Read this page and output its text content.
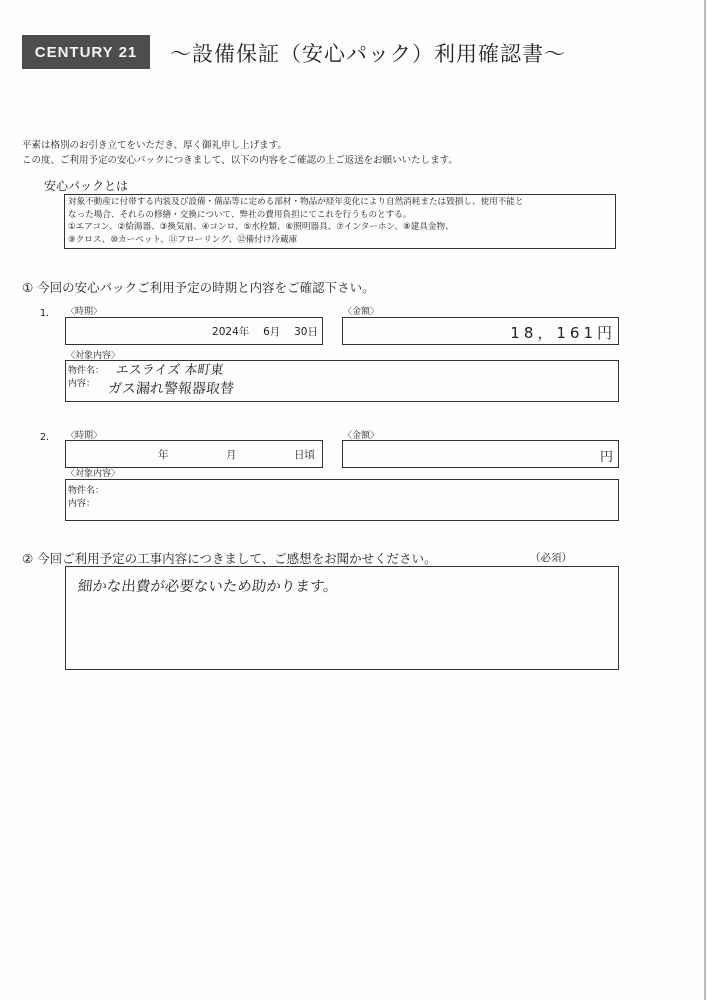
CENTURY 21	～設備保証（安心パック）利用確認書～
平素は格別のお引き立てをいただき、厚く御礼申し上げます。
この度、ご利用予定の安心パックにつきまして、以下の内容をご確認の上ご返送をお願いいたします。
安心パックとは
対象不動産に付帯する内装及び設備・備品等に定める部材・物品が経年変化により自然消耗または毀損し、使用不能と
なった場合、それらの修繕・交換について、弊社の費用負担にてこれを行うものとする。
①エアコン、②給湯器、③換気扇、④コンロ、⑤水栓類、⑥照明器具、⑦インターホン、⑧建具金物、
⑨クロス、⑩カーペット、⑪フローリング、⑫備付け冷蔵庫
① 今回の安心パックご利用予定の時期と内容をご確認下さい。
1. 〈時期〉
2024年　 6月　 30日
〈金額〉
18，161円
〈対象内容〉
物件名： エスライズ 本町東
内容： ガス漏れ警報器取替
2. 〈時期〉
年	月	日頃
〈金額〉
円
〈対象内容〉
物件名：
内容：
② 今回ご利用予定の工事内容につきまして、ご感想をお聞かせください。	（必須）
細かな出費が必要ないため助かります。
